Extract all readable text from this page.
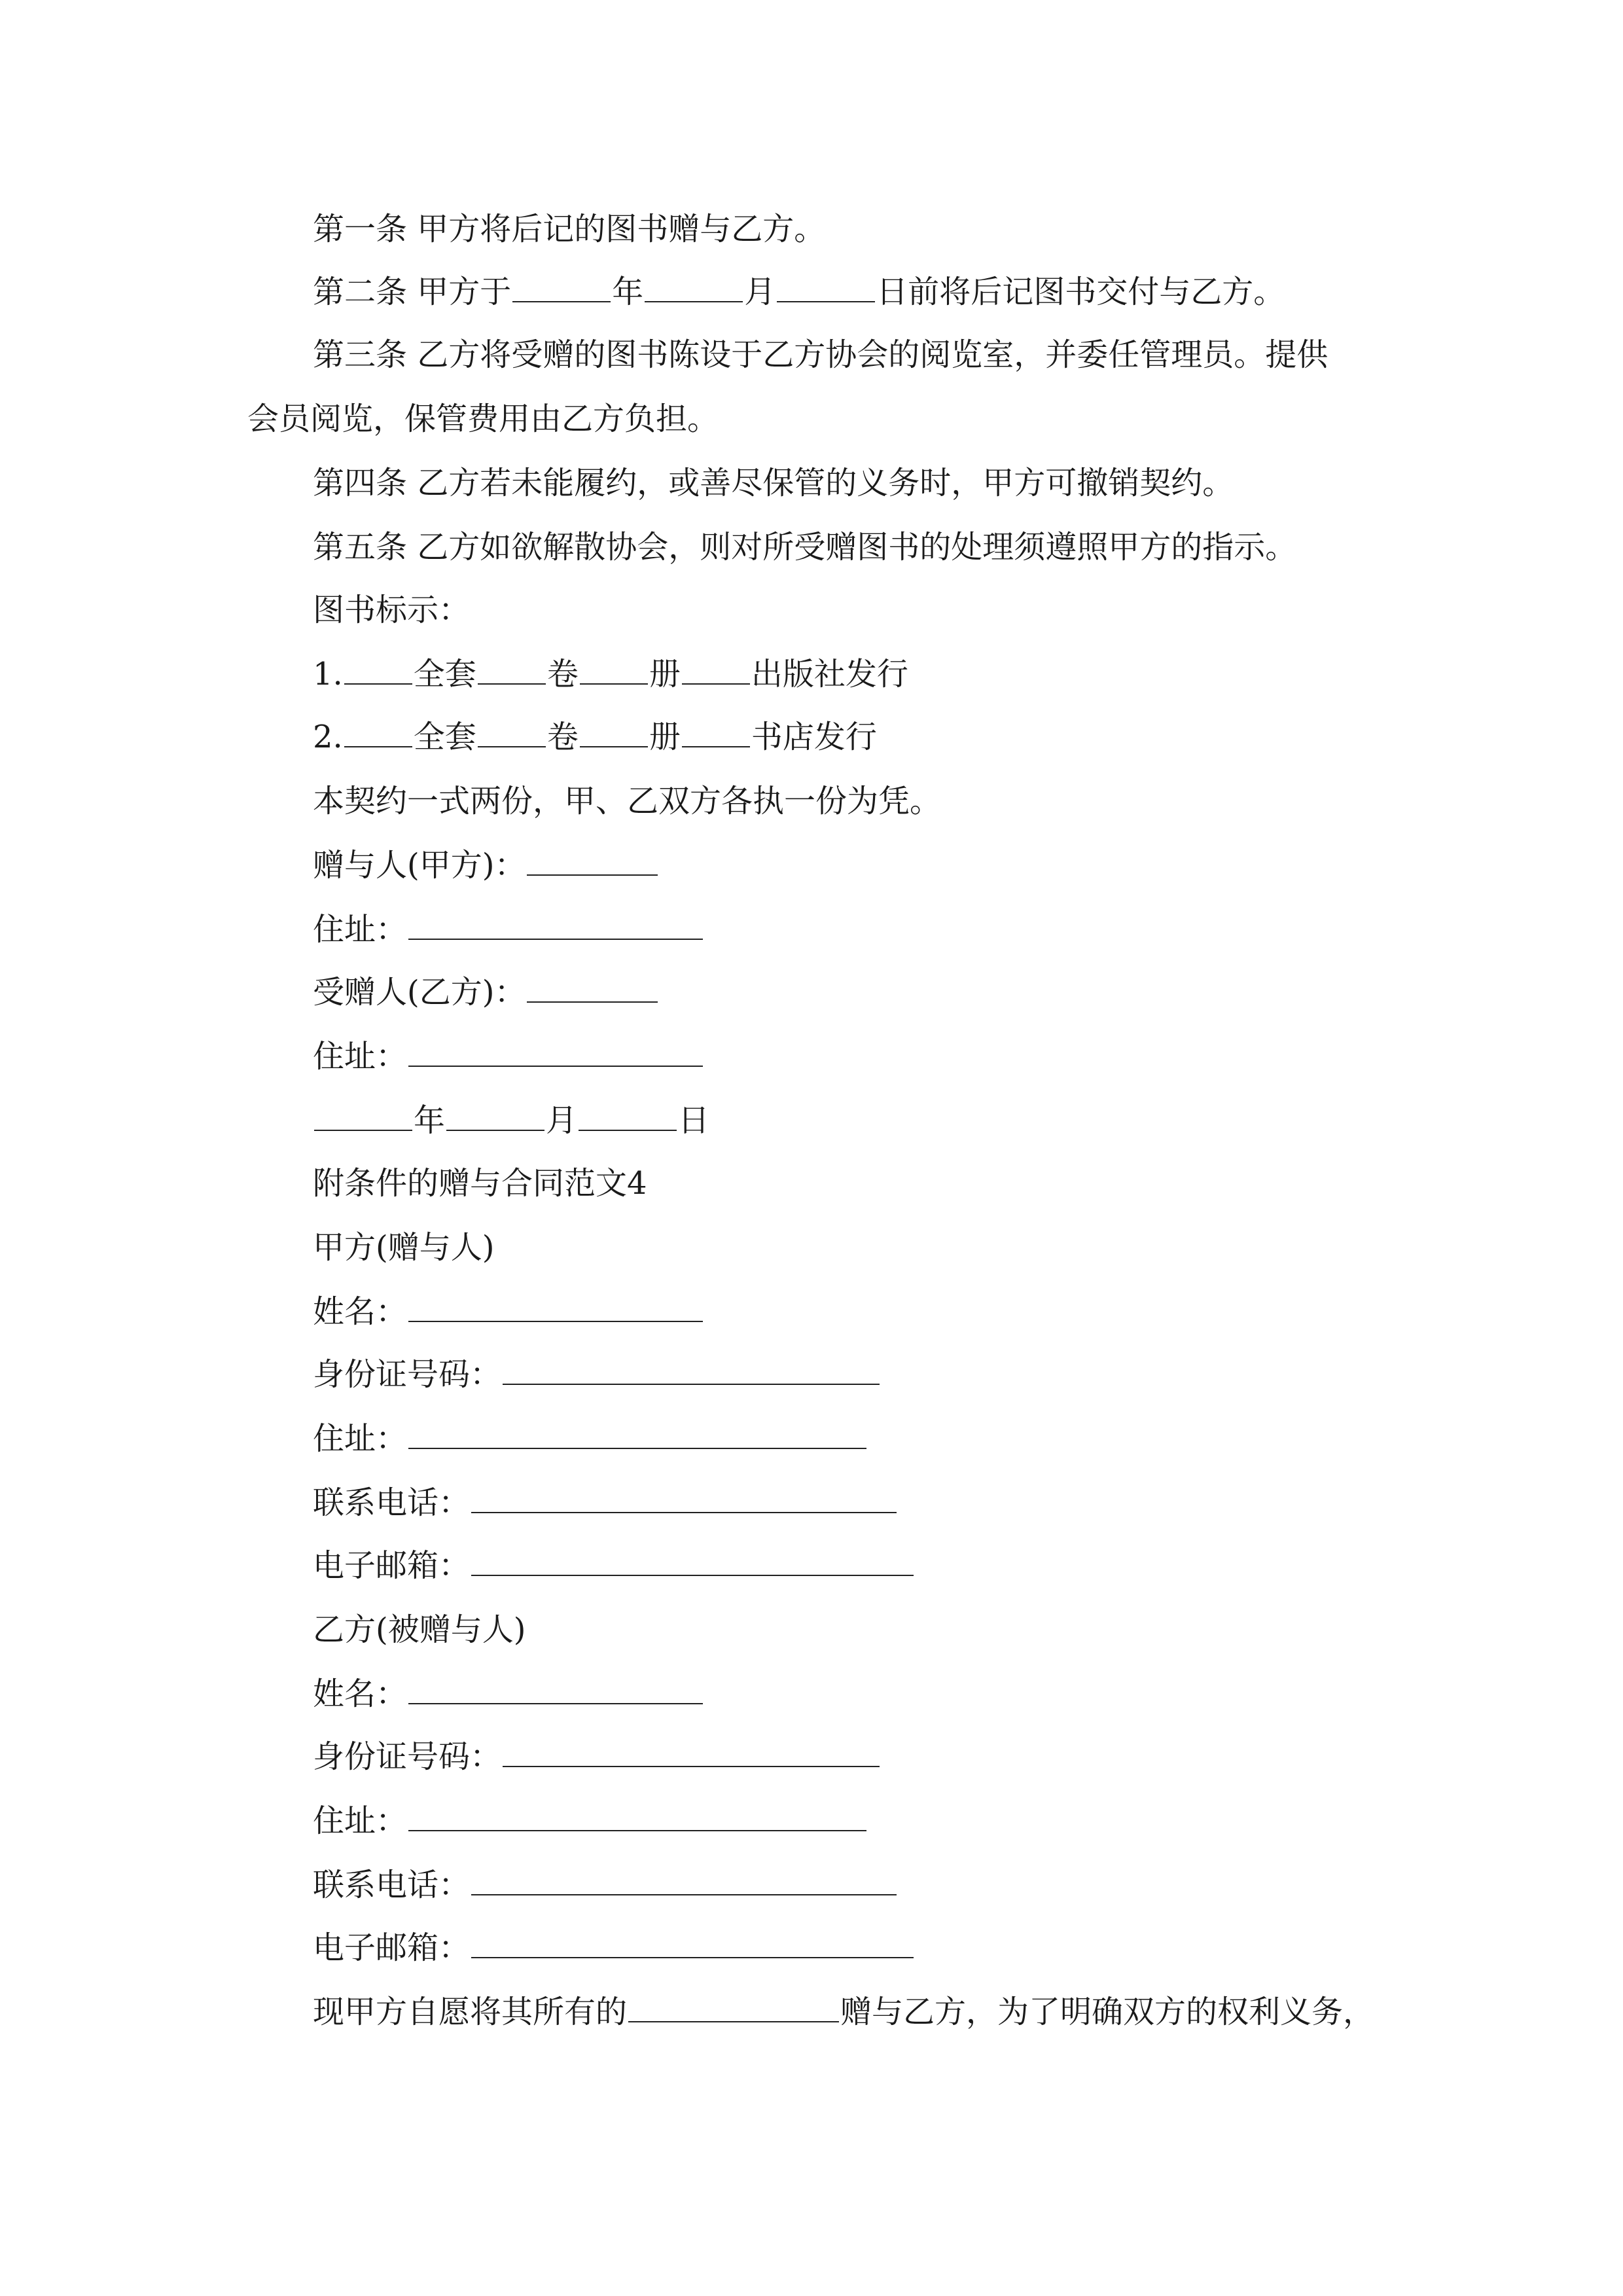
第一条 甲方将后记的图书赠与乙方。
第二条 甲方于	年	月	日前将后记图书交付与乙方。
第三条 乙方将受赠的图书陈设于乙方协会的阅览室，并委任管理员。提供
会员阅览，保管费用由乙方负担。
第四条 乙方若未能履约，或善尽保管的义务时，甲方可撤销契约。
第五条 乙方如欲解散协会，则对所受赠图书的处理须遵照甲方的指示。
图书标示：
1. 全套 卷 册 出版社发行
2. 全套 卷 册 书店发行
本契约一式两份，甲、乙双方各执一份为凭。
赠与人(甲方)：
住址：
受赠人(乙方)：
住址：
年	月	日
附条件的赠与合同范文4
甲方(赠与人)
姓名：
身份证号码：
住址：
联系电话：
电子邮箱：
乙方(被赠与人)
姓名：
身份证号码：
住址：
联系电话：
电子邮箱：
现甲方自愿将其所有的	赠与乙方，为了明确双方的权利义务，
